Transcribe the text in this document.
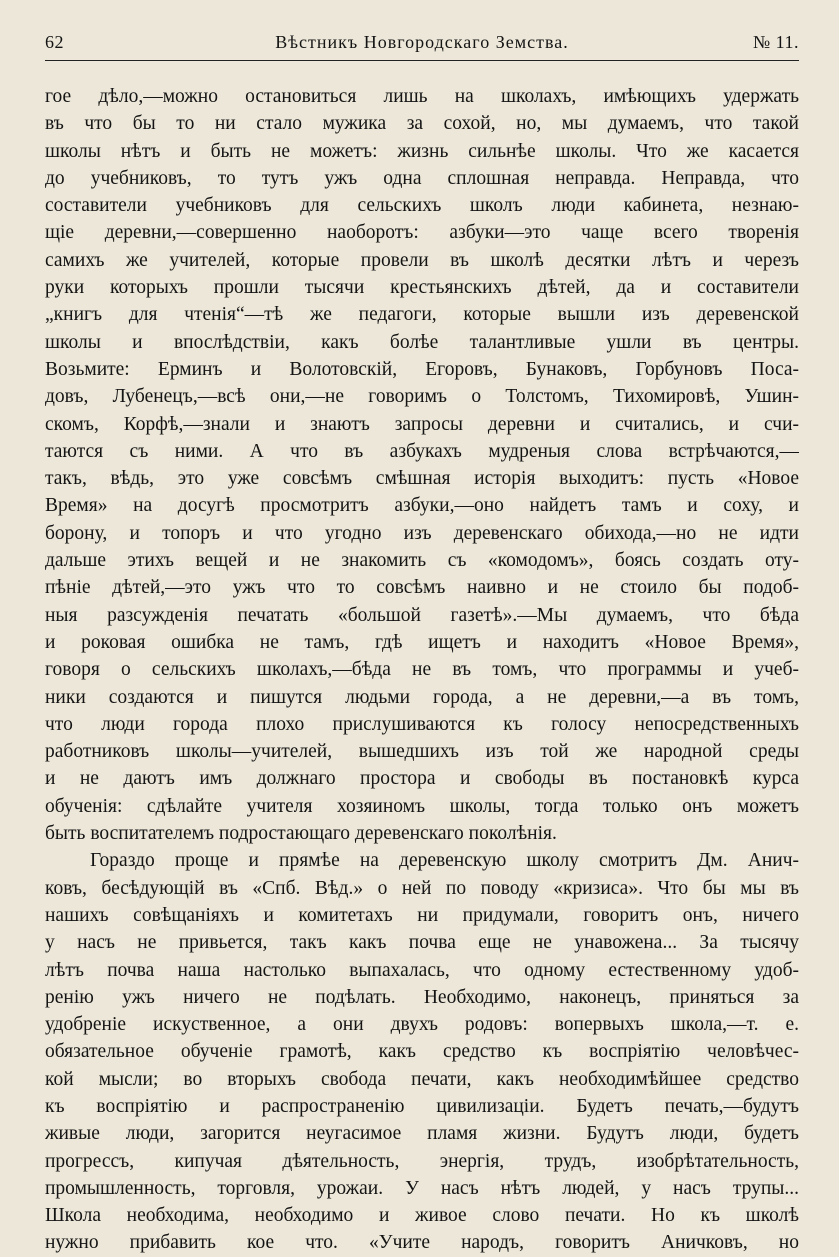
62	Вѣстникъ Новгородскаго Земства.	№ 11.
гое дѣло,—можно остановиться лишь на школахъ, имѣющихъ удержать
въ что бы то ни стало мужика за сохой, но, мы думаемъ, что такой
школы нѣтъ и быть не можетъ: жизнь сильнѣе школы. Что же касается
до учебниковъ, то тутъ ужъ одна сплошная неправда. Неправда, что
составители учебниковъ для сельскихъ школъ люди кабинета, незнаю-
щіе деревни,—совершенно наоборотъ: азбуки—это чаще всего творенія
самихъ же учителей, которые провели въ школѣ десятки лѣтъ и черезъ
руки которыхъ прошли тысячи крестьянскихъ дѣтей, да и составители
„книгъ для чтенія“—тѣ же педагоги, которые вышли изъ деревенской
школы и впослѣдствіи, какъ болѣе талантливые ушли въ центры.
Возьмите: Ерминъ и Волотовскій, Егоровъ, Бунаковъ, Горбуновъ Поса-
довъ, Лубенецъ,—всѣ они,—не говоримъ о Толстомъ, Тихомировѣ, Ушин-
скомъ, Корфѣ,—знали и знаютъ запросы деревни и считались, и счи-
таются съ ними. А что въ азбукахъ мудреныя слова встрѣчаются,—
такъ, вѣдь, это уже совсѣмъ смѣшная исторія выходитъ: пусть «Новое
Время» на досугѣ просмотритъ азбуки,—оно найдетъ тамъ и соху, и
борону, и топоръ и что угодно изъ деревенскаго обихода,—но не идти
дальше этихъ вещей и не знакомить съ «комодомъ», боясь создать оту-
пѣніе дѣтей,—это ужъ что то совсѣмъ наивно и не стоило бы подоб-
ныя разсужденія печатать «большой газетѣ».—Мы думаемъ, что бѣда
и роковая ошибка не тамъ, гдѣ ищетъ и находитъ «Новое Время»,
говоря о сельскихъ школахъ,—бѣда не въ томъ, что программы и учеб-
ники создаются и пишутся людьми города, а не деревни,—а въ томъ,
что люди города плохо прислушиваются къ голосу непосредственныхъ
работниковъ школы—учителей, вышедшихъ изъ той же народной среды
и не даютъ имъ должнаго простора и свободы въ постановкѣ курса
обученія: сдѣлайте учителя хозяиномъ школы, тогда только онъ можетъ
быть воспитателемъ подростающаго деревенскаго поколѣнія.
Гораздо проще и прямѣе на деревенскую школу смотритъ Дм. Анич-
ковъ, бесѣдующій въ «Спб. Вѣд.» о ней по поводу «кризиса». Что бы мы въ
нашихъ совѣщаніяхъ и комитетахъ ни придумали, говоритъ онъ, ничего
у насъ не привьется, такъ какъ почва еще не унавожена... За тысячу
лѣтъ почва наша настолько выпахалась, что одному естественному удоб-
ренію ужъ ничего не подѣлать. Необходимо, наконецъ, приняться за
удобреніе искуственное, а они двухъ родовъ: вопервыхъ школа,—т. е.
обязательное обученіе грамотѣ, какъ средство къ воспріятію человѣчес-
кой мысли; во вторыхъ свобода печати, какъ необходимѣйшее средство
къ воспріятію и распространенію цивилизаціи. Будетъ печать,—будутъ
живые люди, загорится неугасимое пламя жизни. Будутъ люди, будетъ
прогрессъ, кипучая дѣятельность, энергія, трудъ, изобрѣтательность,
промышленность, торговля, урожаи. У насъ нѣтъ людей, у насъ трупы...
Школа необходима, необходимо и живое слово печати. Но къ школѣ
нужно прибавить кое что. «Учите народъ, говоритъ Аничковъ, но
